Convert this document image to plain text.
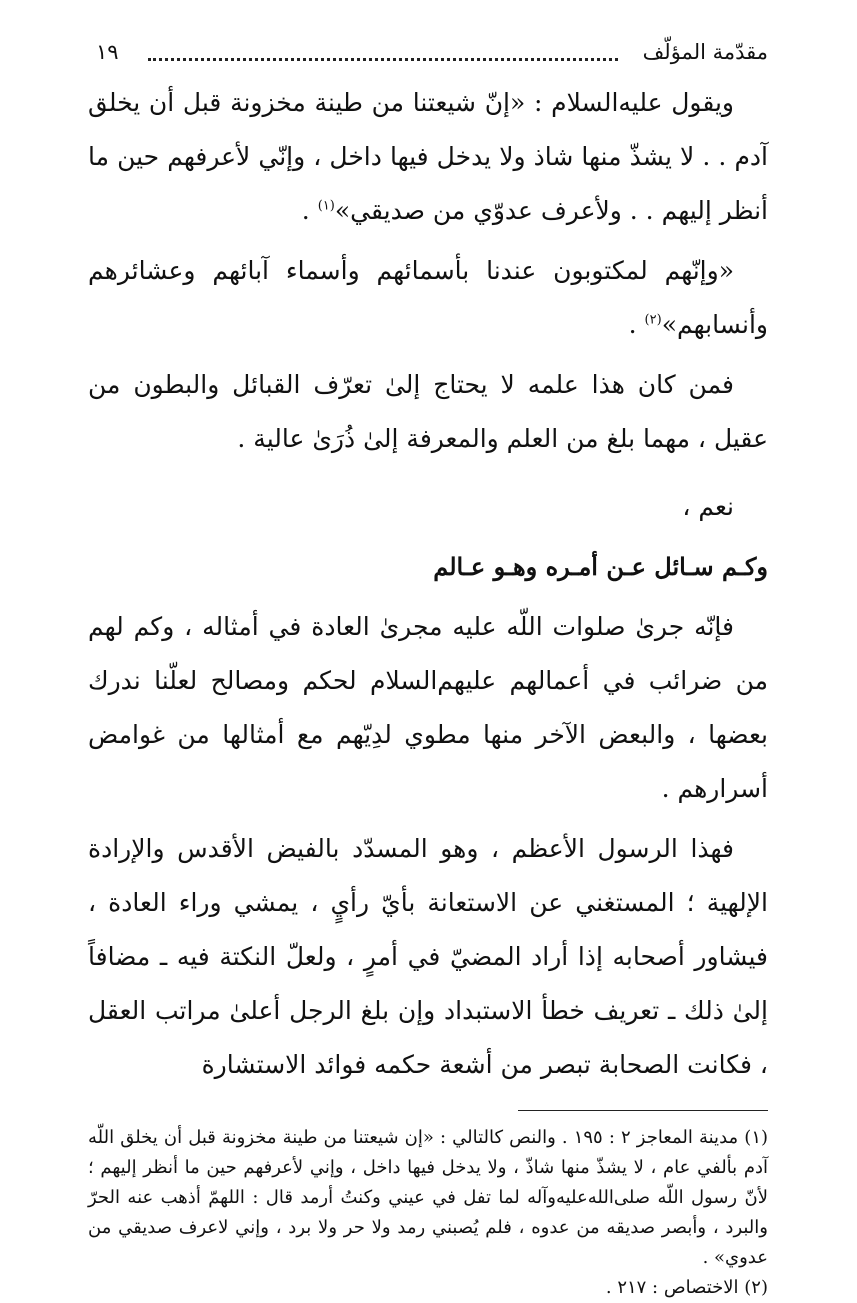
مقدّمة المؤلّف
١٩

ويقول عليه‌السلام : «إنّ شيعتنا من طينة مخزونة قبل أن يخلق آدم . . لا يشذّ منها شاذ ولا يدخل فيها داخل ، وإنّي لأعرفهم حين ما أنظر إليهم . . ولأعرف عدوّي من صديقي»$^{(١)}$ .

«وإنّهم لمكتوبون عندنا بأسمائهم وأسماء آبائهم وعشائرهم وأنسابهم»$^{(٢)}$ .

فمن كان هذا علمه لا يحتاج إلىٰ تعرّف القبائل والبطون من عقيل ، مهما بلغ من العلم والمعرفة إلىٰ ذُرَىٰ عالية .

نعم ،

وكـم سـائل عـن أمـره وهـو عـالم

فإنّه جرىٰ صلوات اللّه عليه مجرىٰ العادة في أمثاله ، وكم لهم من ضرائب في أعمالهم عليهم‌السلام لحكم ومصالح لعلّنا ندرك بعضها ، والبعض الآخر منها مطوي لدِيّهم مع أمثالها من غوامض أسرارهم .

فهذا الرسول الأعظم ، وهو المسدّد بالفيض الأقدس والإرادة الإلهية ؛ المستغني عن الاستعانة بأيّ رأيٍ ، يمشي وراء العادة ، فيشاور أصحابه إذا أراد المضيّ في أمرٍ ، ولعلّ النكتة فيه ـ مضافاً إلىٰ ذلك ـ تعريف خطأ الاستبداد وإن بلغ الرجل أعلىٰ مراتب العقل ، فكانت الصحابة تبصر من أشعة حكمه فوائد الاستشارة

(١) مدينة المعاجز ٢ : ١٩٥ . والنص كالتالي : «إن شيعتنا من طينة مخزونة قبل أن يخلق اللّه آدم بألفي عام ، لا يشذّ منها شاذّ ، ولا يدخل فيها داخل ، وإني لأعرفهم حين ما أنظر إليهم ؛ لأنّ رسول اللّه صلى‌الله‌عليه‌وآله لما تفل في عيني وكنتُ أرمد قال : اللهمّ أذهب عنه الحرّ والبرد ، وأبصر صديقه من عدوه ، فلم يُصبني رمد ولا حر ولا برد ، وإني لاعرف صديقي من عدوي» .

(٢) الاختصاص : ٢١٧ .
